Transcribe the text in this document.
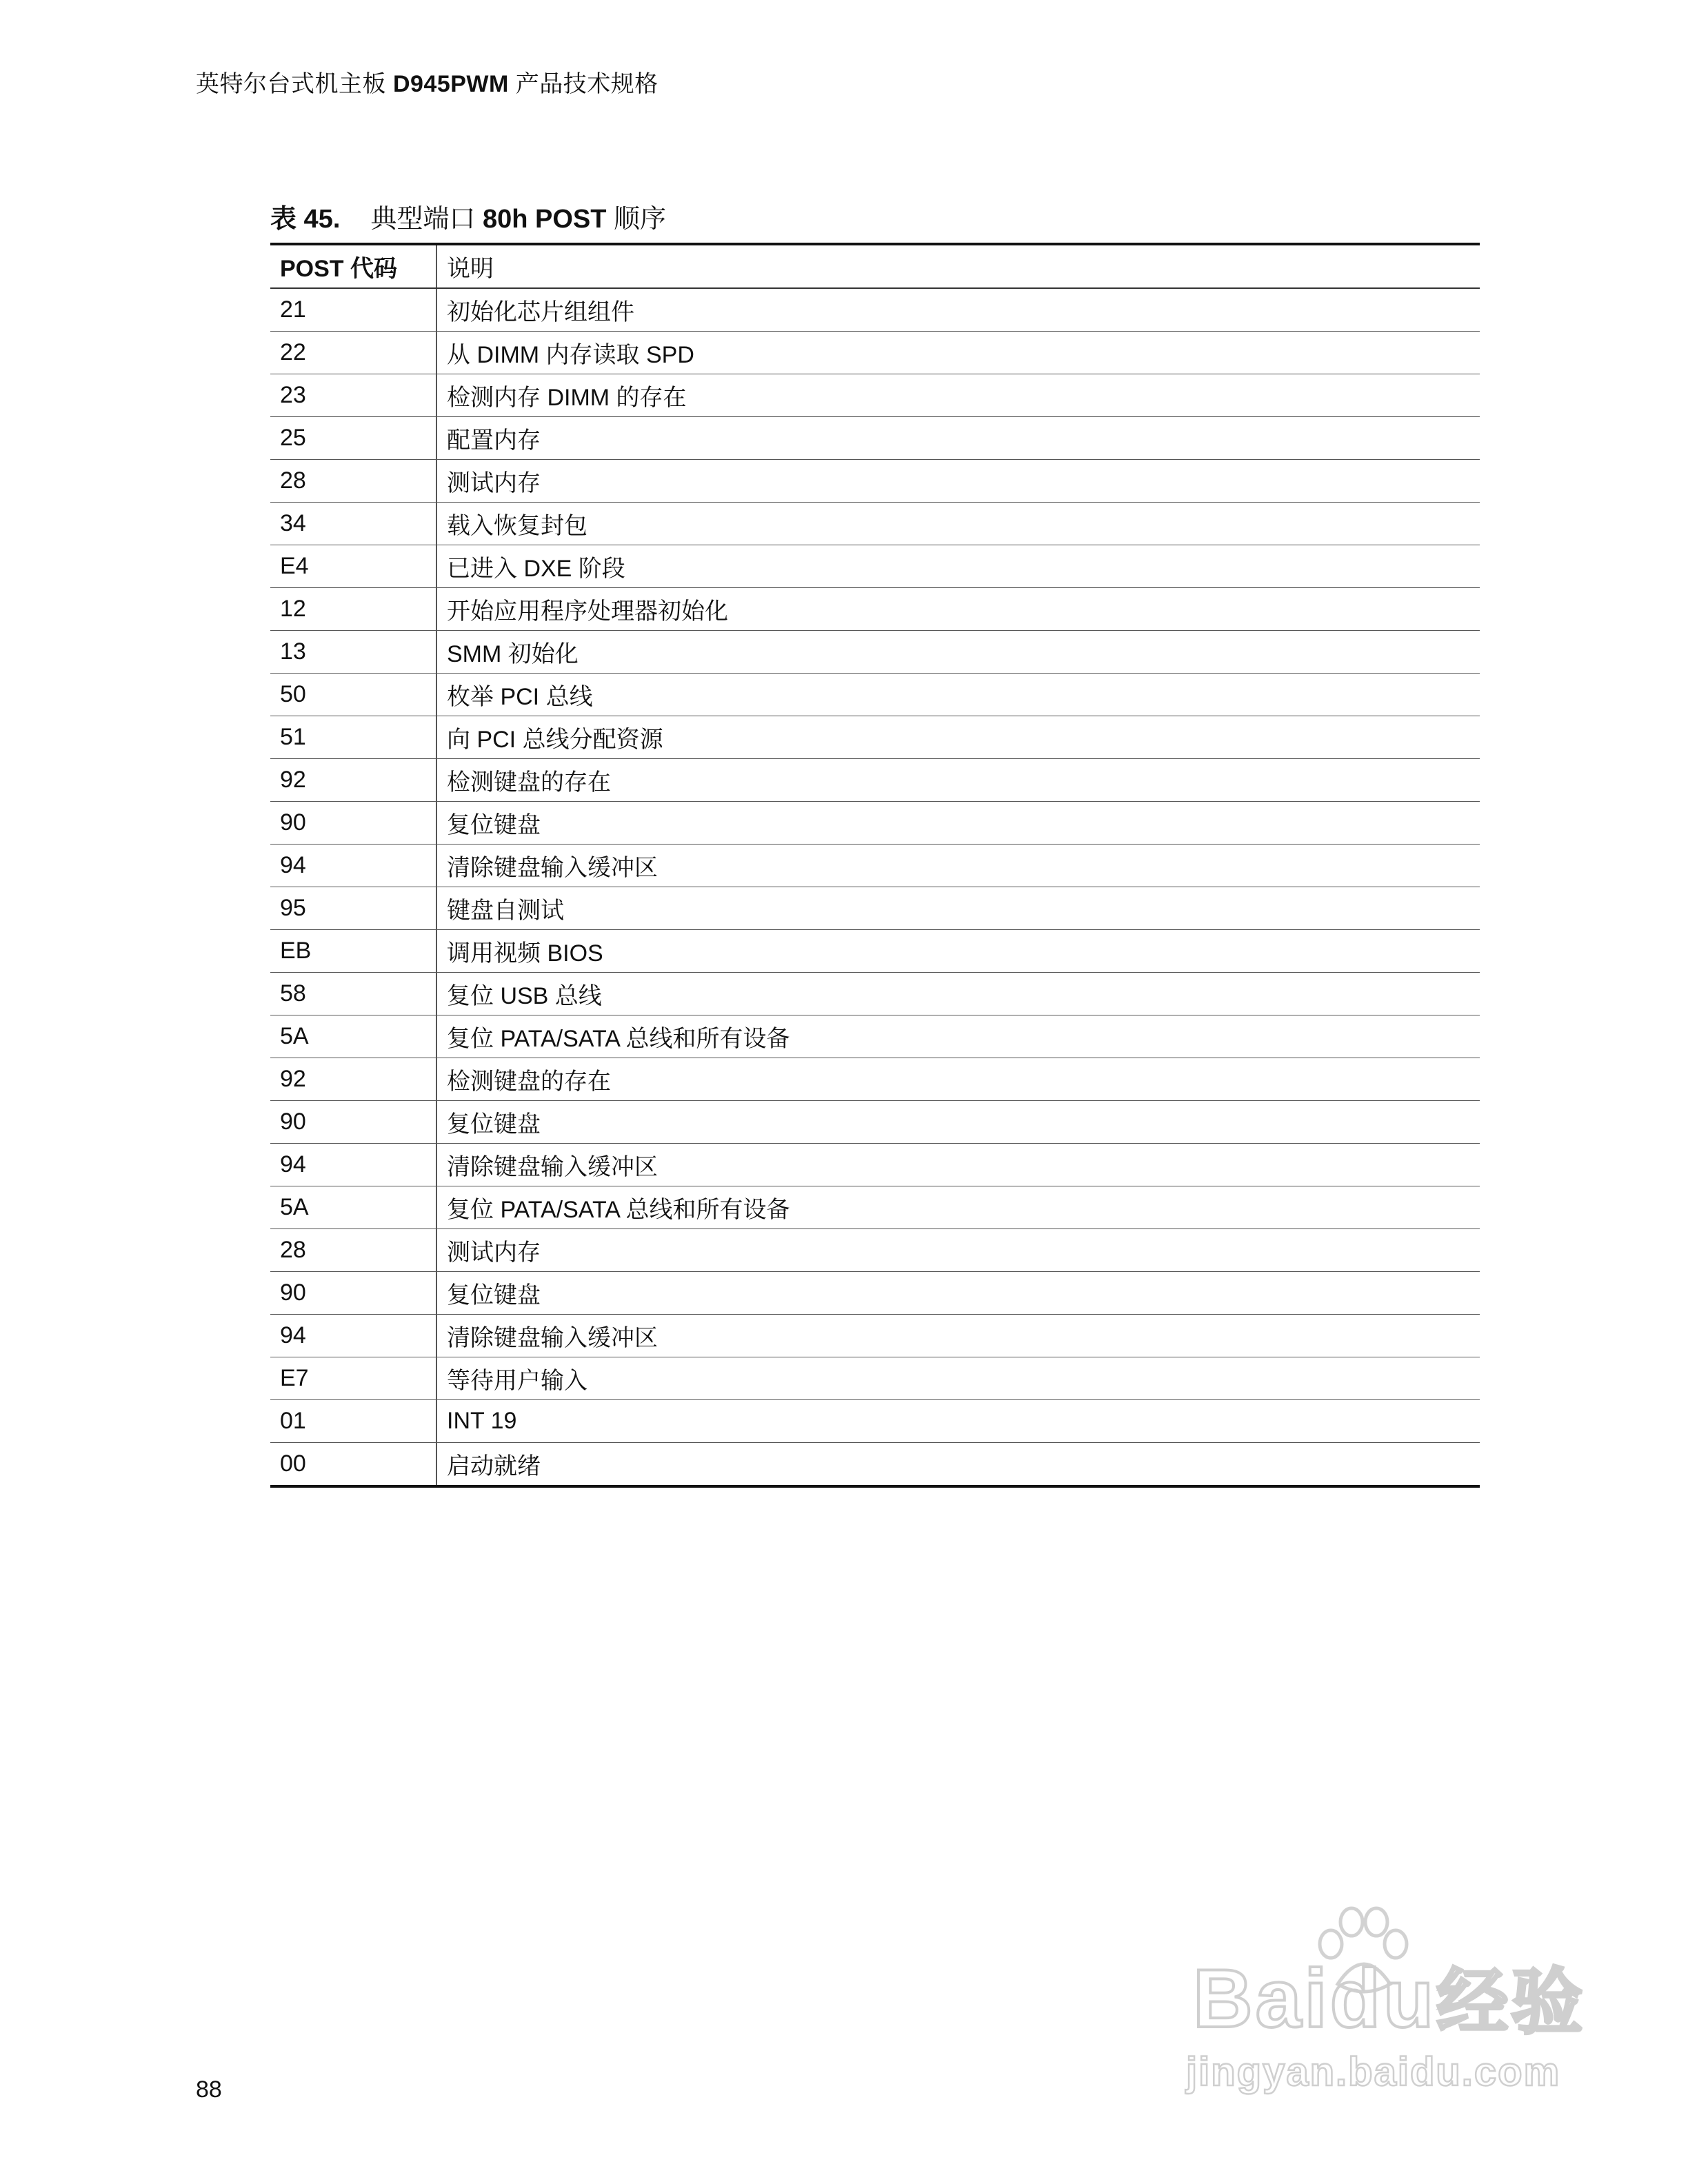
英特尔台式机主板 D945PWM 产品技术规格
表 45. 典型端口 80h POST 顺序
POST 代码	说明
21	初始化芯片组组件
22	从 DIMM 内存读取 SPD
23	检测内存 DIMM 的存在
25	配置内存
28	测试内存
34	载入恢复封包
E4	已进入 DXE 阶段
12	开始应用程序处理器初始化
13	SMM 初始化
50	枚举 PCI 总线
51	向 PCI 总线分配资源
92	检测键盘的存在
90	复位键盘
94	清除键盘输入缓冲区
95	键盘自测试
EB	调用视频 BIOS
58	复位 USB 总线
5A	复位 PATA/SATA 总线和所有设备
92	检测键盘的存在
90	复位键盘
94	清除键盘输入缓冲区
5A	复位 PATA/SATA 总线和所有设备
28	测试内存
90	复位键盘
94	清除键盘输入缓冲区
E7	等待用户输入
01	INT 19
00	启动就绪
88
Baidu经验
jingyan.baidu.com
